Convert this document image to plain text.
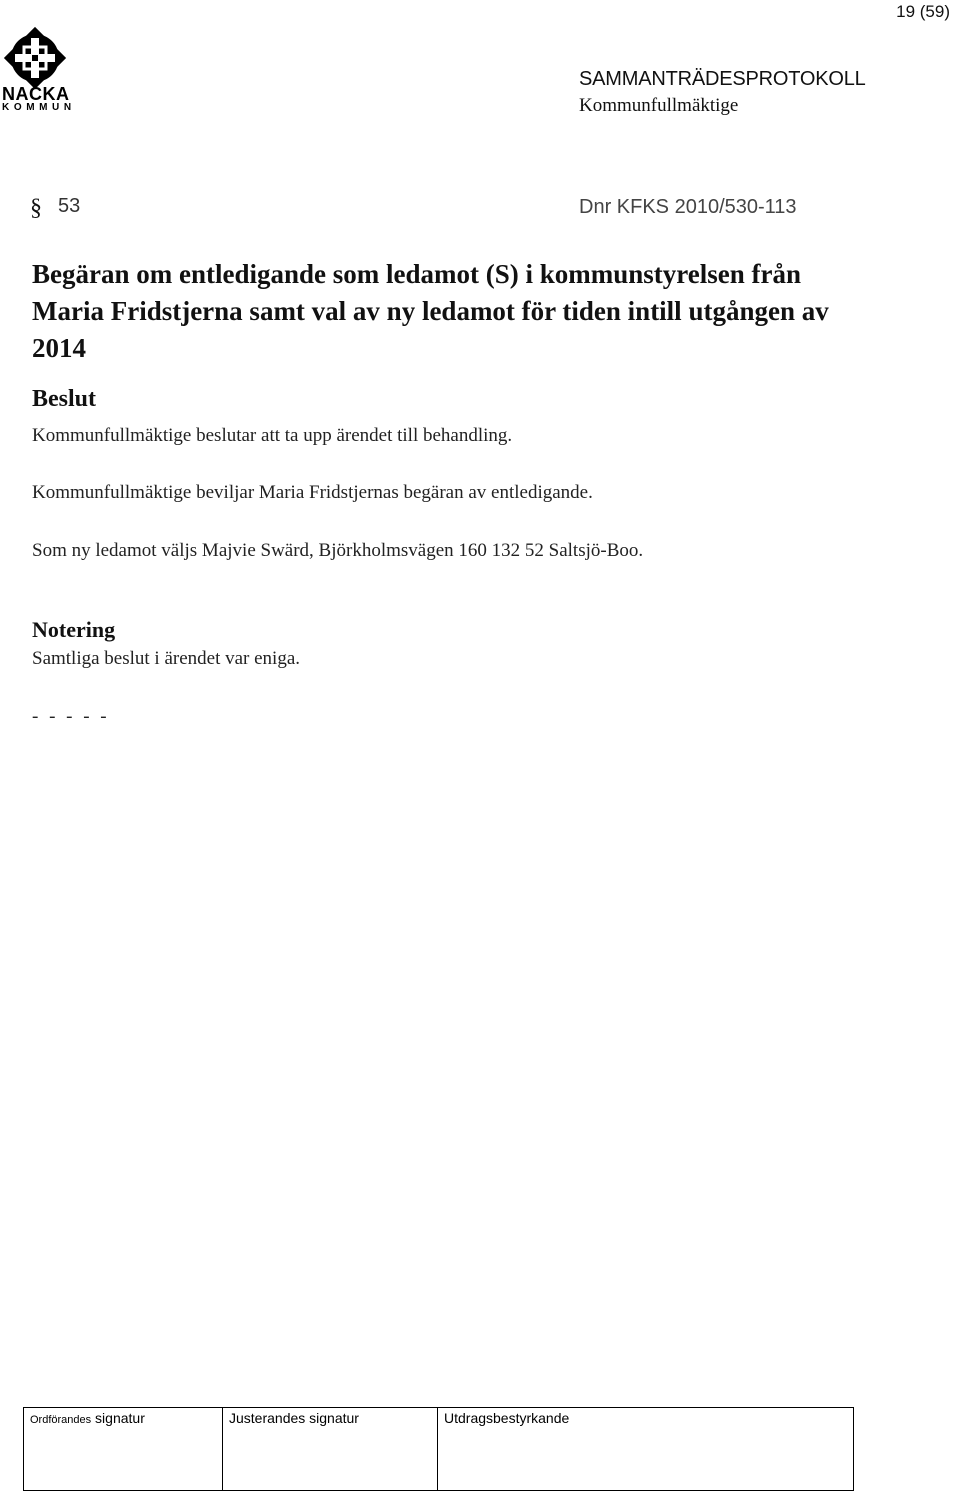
19 (59)
NACKA
KOMMUN
SAMMANTRÄDESPROTOKOLL
Kommunfullmäktige
§ 53	Dnr KFKS 2010/530-113
Begäran om entledigande som ledamot (S) i kommunstyrelsen från Maria Fridstjerna samt val av ny ledamot för tiden intill utgången av 2014
Beslut
Kommunfullmäktige beslutar att ta upp ärendet till behandling.
Kommunfullmäktige beviljar Maria Fridstjernas begäran av entledigande.
Som ny ledamot väljs Majvie Swärd, Björkholmsvägen 160 132 52 Saltsjö-Boo.
Notering
Samtliga beslut i ärendet var eniga.
- - - - -
Ordförandes signatur	Justerandes signatur	Utdragsbestyrkande
